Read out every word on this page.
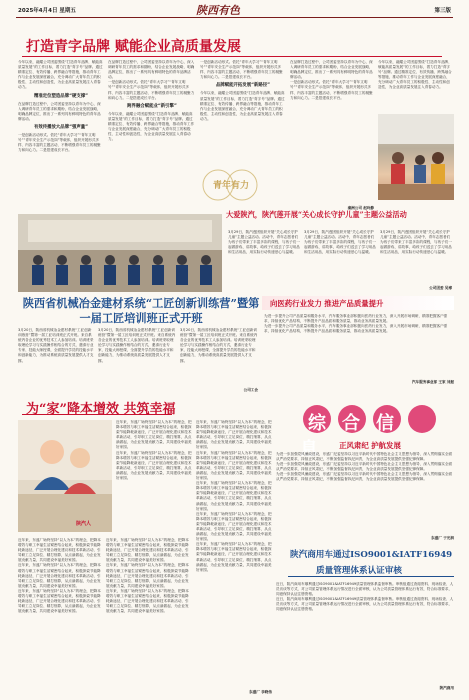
2025年4月4日 星期五	陕西有色	第三版
打造青字品牌 赋能企业高质量发展
今年以来，融耀公司团委围绕“打造青年品牌、赋能高质量发展”的工作目标，着力打造“青字号”品牌。通过精准定位、有效传播、跨界融合等措施，推动青年工作与企业发展深度融合，充分调动广大青年员工的积极性、主动性和创造性，为企业高质量发展注入青春动力。
精准定位塑造品牌“硬支撑”
在品牌打造过程中，公司团委坚持以青年为中心，深入调研青年员工的需求和期盼，结合企业发展战略，明确品牌定位，推出了一系列具有鲜明特色的青年品牌活动。
有效传播放大品牌“强声量”
一是创新活动形式。依托“青年大学习”“青年文明号”“青年安全生产示范岗”等载体，组织开展形式多样、内容丰富的主题活动，不断增强青年员工的凝聚力和向心力。二是搭建成长平台。
在品牌打造过程中，公司团委坚持以青年为中心，深入调研青年员工的需求和期盼，结合企业发展战略，明确品牌定位，推出了一系列具有鲜明特色的青年品牌活动。
一是创新活动形式。依托“青年大学习”“青年文明号”“青年安全生产示范岗”等载体，组织开展形式多样、内容丰富的主题活动，不断增强青年员工的凝聚力和向心力。二是搭建成长平台。
跨界融合赋能业“新引擎”
今年以来，融耀公司团委围绕“打造青年品牌、赋能高质量发展”的工作目标，着力打造“青字号”品牌。通过精准定位、有效传播、跨界融合等措施，推动青年工作与企业发展深度融合，充分调动广大青年员工的积极性、主动性和创造性，为企业高质量发展注入青春动力。
一是创新活动形式。依托“青年大学习”“青年文明号”“青年安全生产示范岗”等载体，组织开展形式多样、内容丰富的主题活动，不断增强青年员工的凝聚力和向心力。二是搭建成长平台。
品牌赋能开拓发展“新路径”
今年以来，融耀公司团委围绕“打造青年品牌、赋能高质量发展”的工作目标，着力打造“青字号”品牌。通过精准定位、有效传播、跨界融合等措施，推动青年工作与企业发展深度融合，充分调动广大青年员工的积极性、主动性和创造性，为企业高质量发展注入青春动力。
青年有力
在品牌打造过程中，公司团委坚持以青年为中心，深入调研青年员工的需求和期盼，结合企业发展战略，明确品牌定位，推出了一系列具有鲜明特色的青年品牌活动。
一是创新活动形式。依托“青年大学习”“青年文明号”“青年安全生产示范岗”等载体，组织开展形式多样、内容丰富的主题活动，不断增强青年员工的凝聚力和向心力。二是搭建成长平台。
今年以来，融耀公司团委围绕“打造青年品牌、赋能高质量发展”的工作目标，着力打造“青字号”品牌。通过精准定位、有效传播、跨界融合等措施，推动青年工作与企业发展深度融合，充分调动广大青年员工的积极性、主动性和创造性，为企业高质量发展注入青春动力。
秦洲公司 赵玲静
大爱陕汽，陕汽莲开展“关心成长守护儿童”主题公益活动
3月29日，陕汽莲团组织开展“关心成长守护儿童”主题公益活动。活动中，青年志愿者们为孩子们带来了丰富多彩的课程，与孩子们一起做游戏、讲故事，给孩子们送去了学习用品和生活用品，用实际行动传递爱心与温暖。
3月29日，陕汽莲团组织开展“关心成长守护儿童”主题公益活动。活动中，青年志愿者们为孩子们带来了丰富多彩的课程，与孩子们一起做游戏、讲故事，给孩子们送去了学习用品和生活用品，用实际行动传递爱心与温暖。
3月29日，陕汽莲团组织开展“关心成长守护儿童”主题公益活动。活动中，青年志愿者们为孩子们带来了丰富多彩的课程，与孩子们一起做游戏、讲故事，给孩子们送去了学习用品和生活用品，用实际行动传递爱心与温暖。
公司团委 吴博
陕西省机械冶金建材系统“工匠创新训练营”暨第一届工匠培训班正式开班
3月20日，陕西省机械冶金建材系统“工匠创新训练营”暨第一届工匠培训班正式开班。来自系统内各企业的优秀技术工人参加培训。培训班采取理论学习与实践操作相结合的方式，邀请行业专家、技能大师授课，全面提升学员的技能水平和创新能力，为推动系统高质量发展提供人才支撑。
3月20日，陕西省机械冶金建材系统“工匠创新训练营”暨第一届工匠培训班正式开班。来自系统内各企业的优秀技术工人参加培训。培训班采取理论学习与实践操作相结合的方式，邀请行业专家、技能大师授课，全面提升学员的技能水平和创新能力，为推动系统高质量发展提供人才支撑。
3月20日，陕西省机械冶金建材系统“工匠创新训练营”暨第一届工匠培训班正式开班。来自系统内各企业的优秀技术工人参加培训。培训班采取理论学习与实践操作相结合的方式，邀请行业专家、技能大师授课，全面提升学员的技能水平和创新能力，为推动系统高质量发展提供人才支撑。
公司工会
向医药行业发力 推进产品质量提升
为进一步提升公司产品质量和服务水平，汽车服务事业部积极向医药行业发力，深入开展市场调研，精准把握客户需求，持续优化产品结构，不断提升产品品质和服务质量，推动业务高质量发展。
为进一步提升公司产品质量和服务水平，汽车服务事业部积极向医药行业发力，深入开展市场调研，精准把握客户需求，持续优化产品结构，不断提升产品品质和服务质量，推动业务高质量发展。
汽车服务事业部 王家 刘振
为“家”降本增效 共筑幸福
陕汽人
近年来，东盛厂始终坚持“以人为本”的理念，把降本增效与职工幸福生活紧密结合起来，积极探索节能降耗新途径，广泛开展合理化建议和技术革新活动，引导职工立足岗位、精打细算，从点滴做起，为企业发展贡献力量，共同建设幸福美好家园。
近年来，东盛厂始终坚持“以人为本”的理念，把降本增效与职工幸福生活紧密结合起来，积极探索节能降耗新途径，广泛开展合理化建议和技术革新活动，引导职工立足岗位、精打细算，从点滴做起，为企业发展贡献力量，共同建设幸福美好家园。
近年来，东盛厂始终坚持“以人为本”的理念，把降本增效与职工幸福生活紧密结合起来，积极探索节能降耗新途径，广泛开展合理化建议和技术革新活动，引导职工立足岗位、精打细算，从点滴做起，为企业发展贡献力量，共同建设幸福美好家园。
近年来，东盛厂始终坚持“以人为本”的理念，把降本增效与职工幸福生活紧密结合起来，积极探索节能降耗新途径，广泛开展合理化建议和技术革新活动，引导职工立足岗位、精打细算，从点滴做起，为企业发展贡献力量，共同建设幸福美好家园。
近年来，东盛厂始终坚持“以人为本”的理念，把降本增效与职工幸福生活紧密结合起来，积极探索节能降耗新途径，广泛开展合理化建议和技术革新活动，引导职工立足岗位、精打细算，从点滴做起，为企业发展贡献力量，共同建设幸福美好家园。
近年来，东盛厂始终坚持“以人为本”的理念，把降本增效与职工幸福生活紧密结合起来，积极探索节能降耗新途径，广泛开展合理化建议和技术革新活动，引导职工立足岗位、精打细算，从点滴做起，为企业发展贡献力量，共同建设幸福美好家园。
近年来，东盛厂始终坚持“以人为本”的理念，把降本增效与职工幸福生活紧密结合起来，积极探索节能降耗新途径，广泛开展合理化建议和技术革新活动，引导职工立足岗位、精打细算，从点滴做起，为企业发展贡献力量，共同建设幸福美好家园。
近年来，东盛厂始终坚持“以人为本”的理念，把降本增效与职工幸福生活紧密结合起来，积极探索节能降耗新途径，广泛开展合理化建议和技术革新活动，引导职工立足岗位、精打细算，从点滴做起，为企业发展贡献力量，共同建设幸福美好家园。
近年来，东盛厂始终坚持“以人为本”的理念，把降本增效与职工幸福生活紧密结合起来，积极探索节能降耗新途径，广泛开展合理化建议和技术革新活动，引导职工立足岗位、精打细算，从点滴做起，为企业发展贡献力量，共同建设幸福美好家园。
近年来，东盛厂始终坚持“以人为本”的理念，把降本增效与职工幸福生活紧密结合起来，积极探索节能降耗新途径，广泛开展合理化建议和技术革新活动，引导职工立足岗位、精打细算，从点滴做起，为企业发展贡献力量，共同建设幸福美好家园。
近年来，东盛厂始终坚持“以人为本”的理念，把降本增效与职工幸福生活紧密结合起来，积极探索节能降耗新途径，广泛开展合理化建议和技术革新活动，引导职工立足岗位、精打细算，从点滴做起，为企业发展贡献力量，共同建设幸福美好家园。
近年来，东盛厂始终坚持“以人为本”的理念，把降本增效与职工幸福生活紧密结合起来，积极探索节能降耗新途径，广泛开展合理化建议和技术革新活动，引导职工立足岗位、精打细算，从点滴做起，为企业发展贡献力量，共同建设幸福美好家园。
近年来，东盛厂始终坚持“以人为本”的理念，把降本增效与职工幸福生活紧密结合起来，积极探索节能降耗新途径，广泛开展合理化建议和技术革新活动，引导职工立足岗位、精打细算，从点滴做起，为企业发展贡献力量，共同建设幸福美好家园。
东盛厂 李晓伟
综合信息 正风肃纪 护航发展
为进一步加强党风廉政建设，东盛厂纪委坚持以习近平新时代中国特色社会主义思想为指导，深入贯彻落实全面从严治党要求，持续正风肃纪，不断加强监督执纪问责，为企业高质量发展提供坚强纪律保障。
为进一步加强党风廉政建设，东盛厂纪委坚持以习近平新时代中国特色社会主义思想为指导，深入贯彻落实全面从严治党要求，持续正风肃纪，不断加强监督执纪问责，为企业高质量发展提供坚强纪律保障。
为进一步加强党风廉政建设，东盛厂纪委坚持以习近平新时代中国特色社会主义思想为指导，深入贯彻落实全面从严治党要求，持续正风肃纪，不断加强监督执纪问责，为企业高质量发展提供坚强纪律保障。
东盛厂 于光润
陕汽商用车通过ISO9001&IATF16949
质量管理体系认证审核
近日，陕汽商用车顺利通过ISO9001&IATF16949质量管理体系监督审核。审核组通过查阅资料、现场检查、人员访谈等方式，对公司质量管理体系运行情况进行全面审核，认为公司质量管理体系运行有效，符合标准要求，同意保持认证注册资格。
近日，陕汽商用车顺利通过ISO9001&IATF16949质量管理体系监督审核。审核组通过查阅资料、现场检查、人员访谈等方式，对公司质量管理体系运行情况进行全面审核，认为公司质量管理体系运行有效，符合标准要求，同意保持认证注册资格。
陕汽商用
